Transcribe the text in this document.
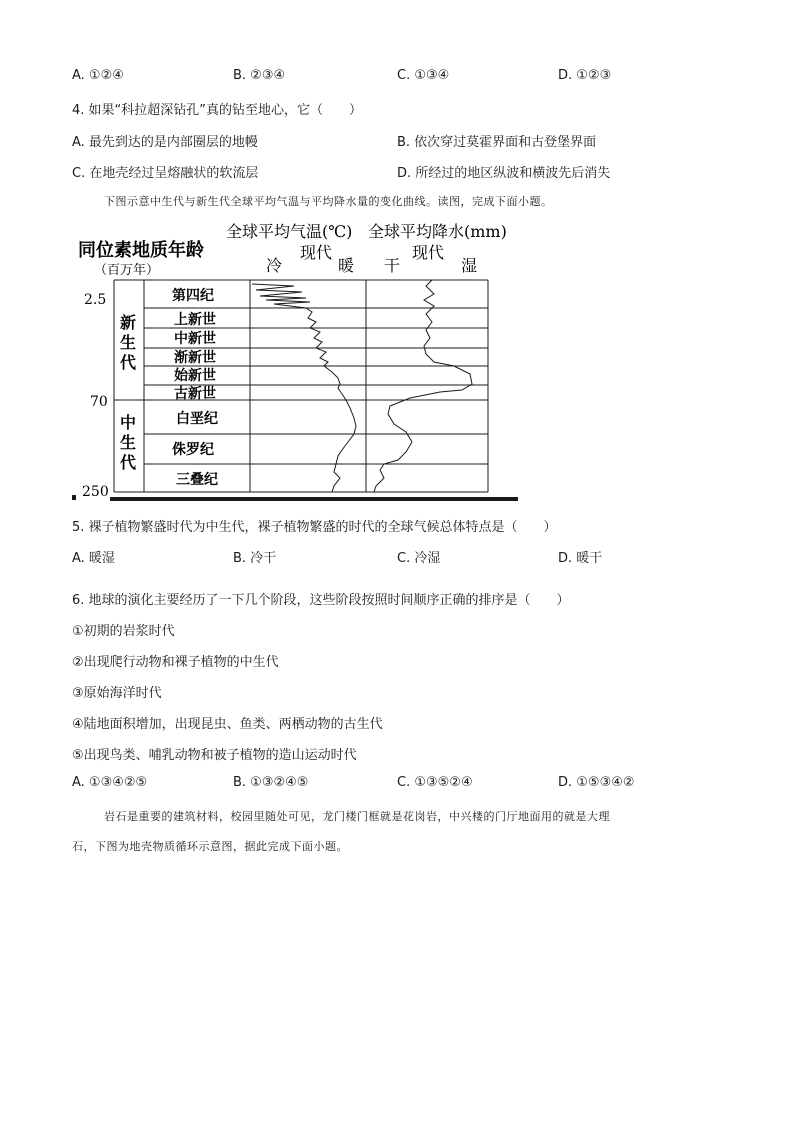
A. ①②④	B. ②③④	C. ①③④	D. ①②③
4. 如果“科拉超深钻孔”真的钻至地心，它（　　）
A. 最先到达的是内部圈层的地幔	B. 依次穿过莫霍界面和古登堡界面
C. 在地壳经过呈熔融状的软流层	D. 所经过的地区纵波和横波先后消失
下图示意中生代与新生代全球平均气温与平均降水量的变化曲线。读图，完成下面小题。
全球平均气温(℃) 全球平均降水(mm)
同位素地质年龄
（百万年）	冷
现代
暖 干
现代
湿
2.5
70
250
新生代
中生代
第四纪
上新世
中新世
渐新世
始新世
古新世
白垩纪
侏罗纪
三叠纪
5. 裸子植物繁盛时代为中生代，裸子植物繁盛的时代的全球气候总体特点是（　　）
A. 暖湿	B. 冷干	C. 冷湿	D. 暖干
6. 地球的演化主要经历了一下几个阶段，这些阶段按照时间顺序正确的排序是（　　）
①初期的岩浆时代
②出现爬行动物和裸子植物的中生代
③原始海洋时代
④陆地面积增加，出现昆虫、鱼类、两栖动物的古生代
⑤出现鸟类、哺乳动物和被子植物的造山运动时代
A. ①③④②⑤	B. ①③②④⑤	C. ①③⑤②④	D. ①⑤③④②
岩石是重要的建筑材料，校园里随处可见，龙门楼门框就是花岗岩，中兴楼的门厅地面用的就是大理
石，下图为地壳物质循环示意图，据此完成下面小题。
